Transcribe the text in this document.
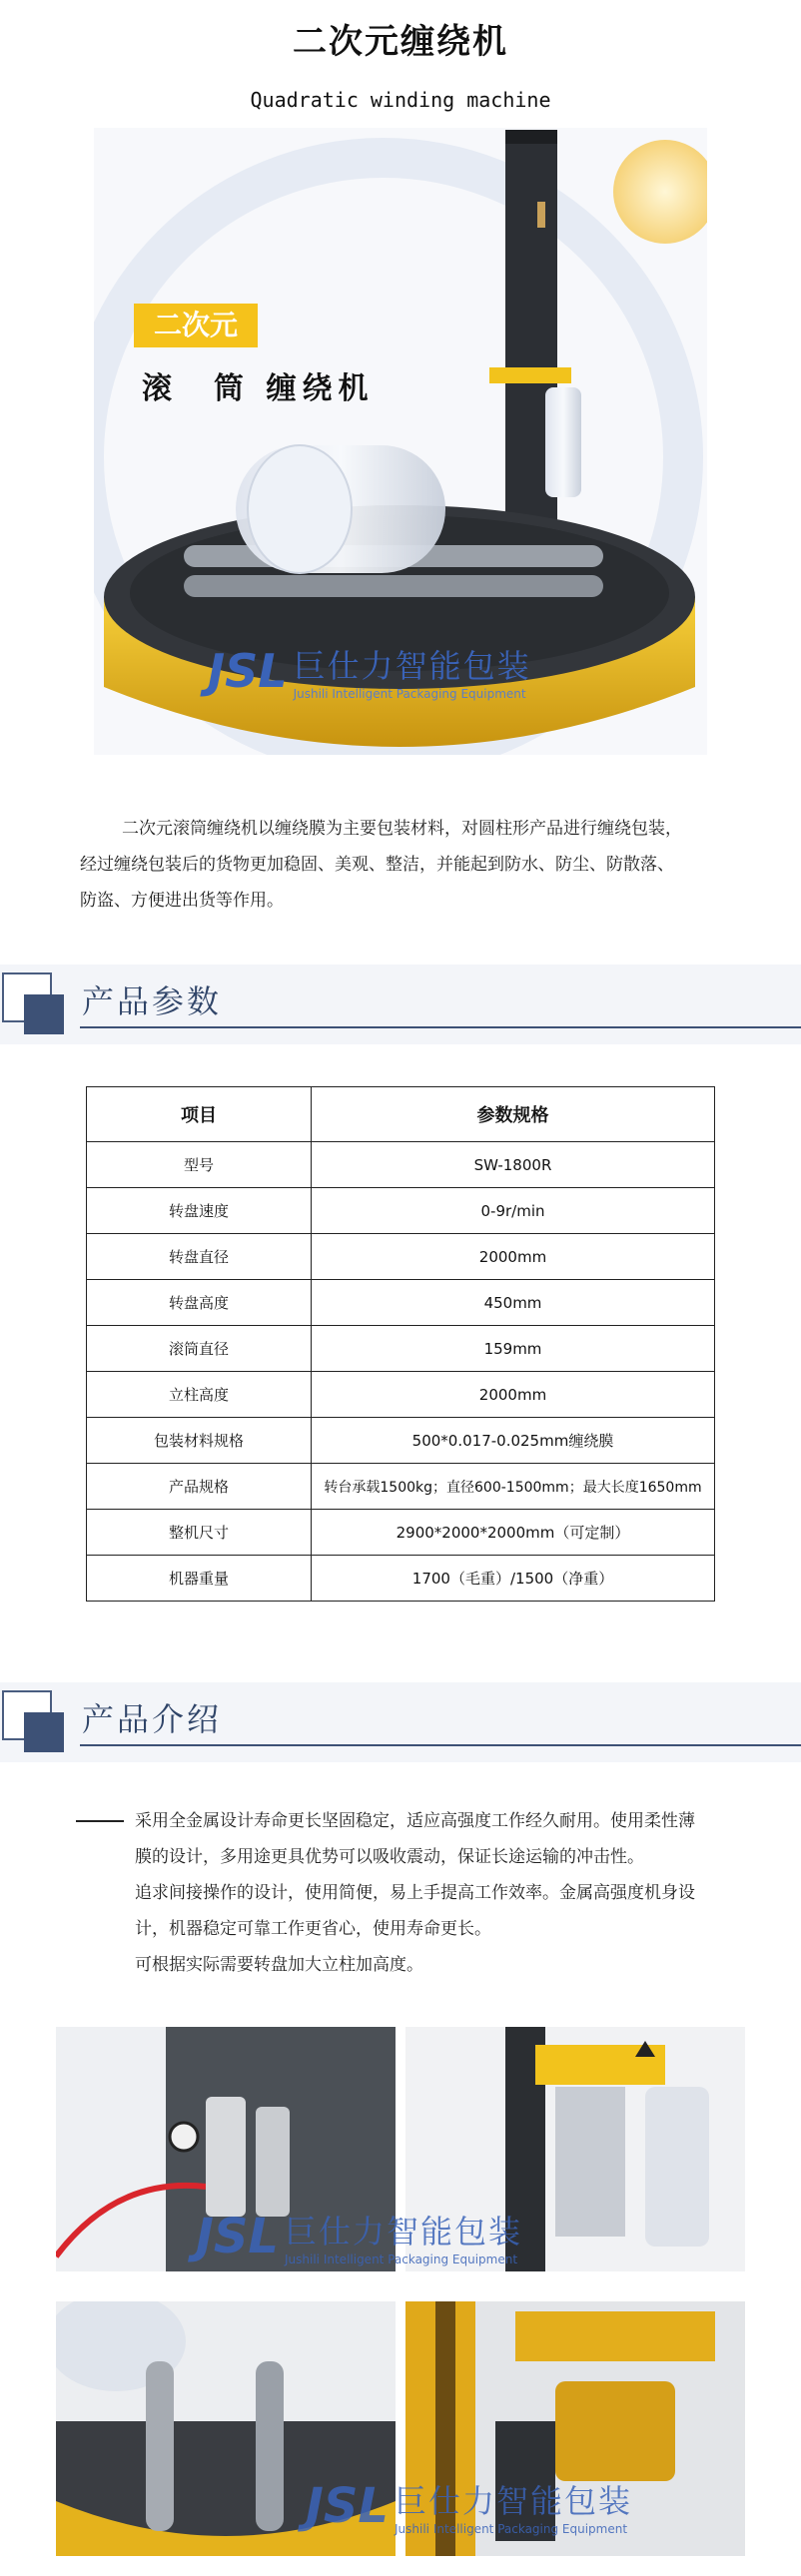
二次元缠绕机
Quadratic winding machine
二次元
滚　筒 缠绕机
JSL 巨仕力智能包装
Jushili Intelligent Packaging Equipment

二次元滚筒缠绕机以缠绕膜为主要包装材料，对圆柱形产品进行缠绕包装，

经过缠绕包装后的货物更加稳固、美观、整洁，并能起到防水、防尘、防散落、

防盗、方便进出货等作用。

产品参数
项目	参数规格
型号	SW-1800R
转盘速度	0-9r/min
转盘直径	2000mm
转盘高度	450mm
滚筒直径	159mm
立柱高度	2000mm
包装材料规格	500*0.017-0.025mm缠绕膜
产品规格	转台承载1500kg；直径600-1500mm；最大长度1650mm
整机尺寸	2900*2000*2000mm（可定制）
机器重量	1700（毛重）/1500（净重）
产品介绍

采用全金属设计寿命更长坚固稳定，适应高强度工作经久耐用。使用柔性薄

膜的设计，多用途更具优势可以吸收震动，保证长途运输的冲击性。

追求间接操作的设计，使用简便，易上手提高工作效率。金属高强度机身设

计，机器稳定可靠工作更省心，使用寿命更长。

可根据实际需要转盘加大立柱加高度。

JSL 巨仕力智能包装
Jushili Intelligent Packaging Equipment
JSL 巨仕力智能包装
Jushili Intelligent Packaging Equipment
